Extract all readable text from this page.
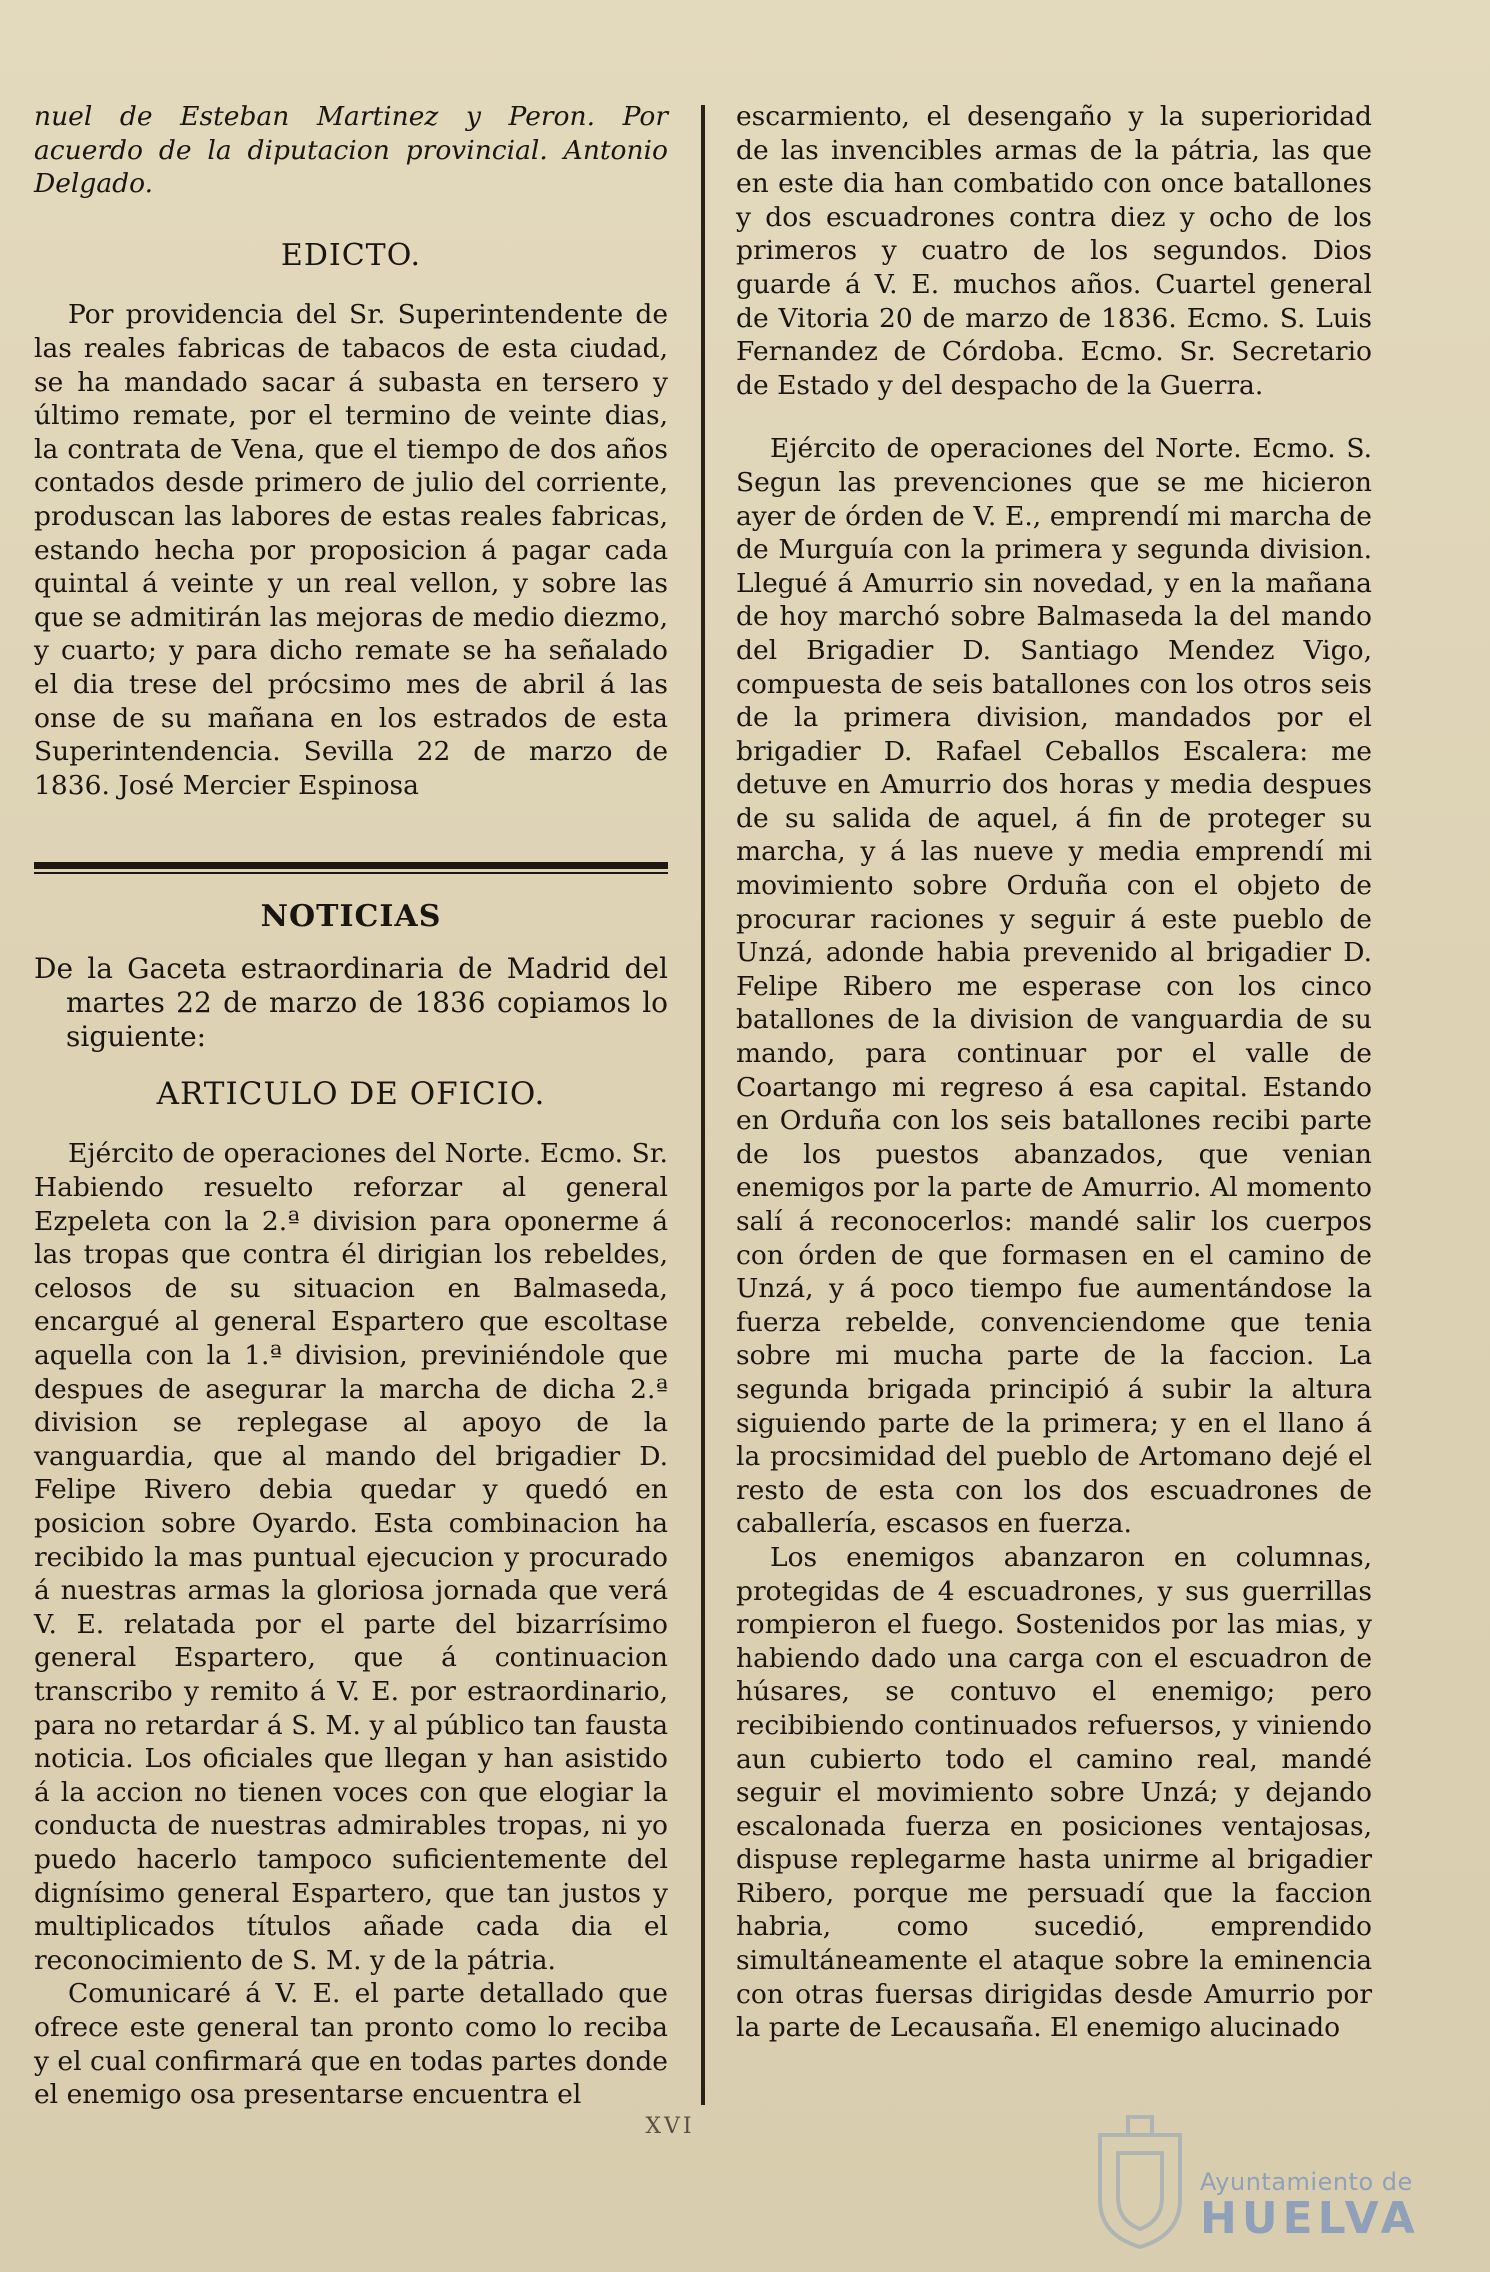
nuel de Esteban Martinez y Peron. Por acuerdo de la diputacion provincial. Antonio Delgado.

EDICTO.

Por providencia del Sr. Superintendente de las reales fabricas de tabacos de esta ciudad, se ha mandado sacar á subasta en tersero y último remate, por el termino de veinte dias, la contrata de Vena, que el tiempo de dos años contados desde primero de julio del corriente, produscan las labores de estas reales fabricas, estando hecha por proposicion á pagar cada quintal á veinte y un real vellon, y sobre las que se admitirán las mejoras de medio diezmo, y cuarto; y para dicho remate se ha señalado el dia trese del prócsimo mes de abril á las onse de su mañana en los estrados de esta Superintendencia. Sevilla 22 de marzo de 1836. José Mercier Espinosa

NOTICIAS

De la Gaceta estraordinaria de Madrid del martes 22 de marzo de 1836 copiamos lo siguiente:

ARTICULO DE OFICIO.

Ejército de operaciones del Norte. Ecmo. Sr. Habiendo resuelto reforzar al general Ezpeleta con la 2.ª division para oponerme á las tropas que contra él dirigian los rebeldes, celosos de su situacion en Balmaseda, encargué al general Espartero que escoltase aquella con la 1.ª division, previniéndole que despues de asegurar la marcha de dicha 2.ª division se replegase al apoyo de la vanguardia, que al mando del brigadier D. Felipe Rivero debia quedar y quedó en posicion sobre Oyardo. Esta combinacion ha recibido la mas puntual ejecucion y procurado á nuestras armas la gloriosa jornada que verá V. E. relatada por el parte del bizarrísimo general Espartero, que á continuacion transcribo y remito á V. E. por estraordinario, para no retardar á S. M. y al público tan fausta noticia. Los oficiales que llegan y han asistido á la accion no tienen voces con que elogiar la conducta de nuestras admirables tropas, ni yo puedo hacerlo tampoco suficientemente del dignísimo general Espartero, que tan justos y multiplicados títulos añade cada dia el reconocimiento de S. M. y de la pátria.

Comunicaré á V. E. el parte detallado que ofrece este general tan pronto como lo reciba y el cual confirmará que en todas partes donde el enemigo osa presentarse encuentra el

escarmiento, el desengaño y la superioridad de las invencibles armas de la pátria, las que en este dia han combatido con once batallones y dos escuadrones contra diez y ocho de los primeros y cuatro de los segundos. Dios guarde á V. E. muchos años. Cuartel general de Vitoria 20 de marzo de 1836. Ecmo. S. Luis Fernandez de Córdoba. Ecmo. Sr. Secretario de Estado y del despacho de la Guerra.

Ejército de operaciones del Norte. Ecmo. S. Segun las prevenciones que se me hicieron ayer de órden de V. E., emprendí mi marcha de de Murguía con la primera y segunda division. Llegué á Amurrio sin novedad, y en la mañana de hoy marchó sobre Balmaseda la del mando del Brigadier D. Santiago Mendez Vigo, compuesta de seis batallones con los otros seis de la primera division, mandados por el brigadier D. Rafael Ceballos Escalera: me detuve en Amurrio dos horas y media despues de su salida de aquel, á fin de proteger su marcha, y á las nueve y media emprendí mi movimiento sobre Orduña con el objeto de procurar raciones y seguir á este pueblo de Unzá, adonde habia prevenido al brigadier D. Felipe Ribero me esperase con los cinco batallones de la division de vanguardia de su mando, para continuar por el valle de Coartango mi regreso á esa capital. Estando en Orduña con los seis batallones recibi parte de los puestos abanzados, que venian enemigos por la parte de Amurrio. Al momento salí á reconocerlos: mandé salir los cuerpos con órden de que formasen en el camino de Unzá, y á poco tiempo fue aumentándose la fuerza rebelde, convenciendome que tenia sobre mi mucha parte de la faccion. La segunda brigada principió á subir la altura siguiendo parte de la primera; y en el llano á la procsimidad del pueblo de Artomano dejé el resto de esta con los dos escuadrones de caballería, escasos en fuerza.

Los enemigos abanzaron en columnas, protegidas de 4 escuadrones, y sus guerrillas rompieron el fuego. Sostenidos por las mias, y habiendo dado una carga con el escuadron de húsares, se contuvo el enemigo; pero recibibiendo continuados refuersos, y viniendo aun cubierto todo el camino real, mandé seguir el movimiento sobre Unzá; y dejando escalonada fuerza en posiciones ventajosas, dispuse replegarme hasta unirme al brigadier Ribero, porque me persuadí que la faccion habria, como sucedió, emprendido simultáneamente el ataque sobre la eminencia con otras fuersas dirigidas desde Amurrio por la parte de Lecausaña. El enemigo alucinado

XVI
Ayuntamiento de
HUELVA
